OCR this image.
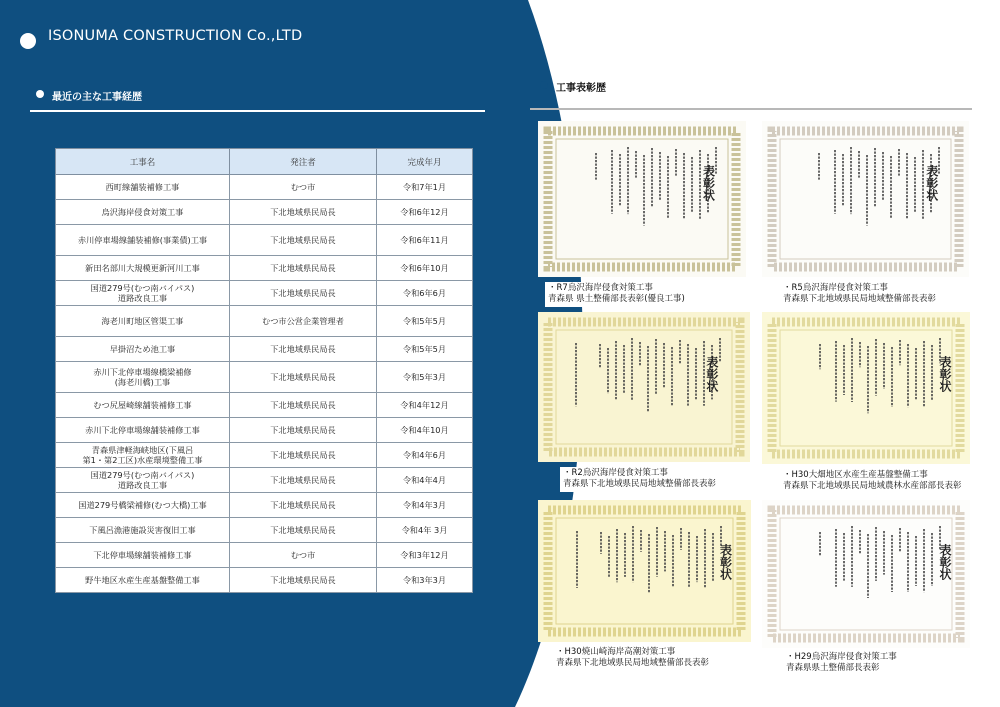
ISONUMA CONSTRUCTION Co.,LTD
最近の主な工事経歴
工事表彰歴
工事名	発注者	完成年月
西町線舗装補修工事	むつ市	令和7年1月
烏沢海岸侵食対策工事	下北地域県民局長	令和6年12月
赤川停車場線舗装補修(事業債)工事	下北地域県民局長	令和6年11月
新田名部川大規模更新河川工事	下北地域県民局長	令和6年10月
国道279号(むつ南バイパス)
道路改良工事	下北地域県民局長	令和6年6月
海老川町地区管渠工事	むつ市公営企業管理者	令和5年5月
早掛沼ため池工事	下北地域県民局長	令和5年5月
赤川下北停車場線橋梁補修
(海老川橋)工事	下北地域県民局長	令和5年3月
むつ尻屋崎線舗装補修工事	下北地域県民局長	令和4年12月
赤川下北停車場線舗装補修工事	下北地域県民局長	令和4年10月
青森県津軽海峡地区(下風呂
第1・第2工区)水産環境整備工事	下北地域県民局長	令和4年6月
国道279号(むつ南バイパス)
道路改良工事	下北地域県民局長	令和4年4月
国道279号橋梁補修(むつ大橋)工事	下北地域県民局長	令和4年3月
下風呂漁港施設災害復旧工事	下北地域県民局長	令和4年 3月
下北停車場線舗装補修工事	むつ市	令和3年12月
野牛地区水産生産基盤整備工事	下北地域県民局長	令和3年3月
表彰状
・R7烏沢海岸侵食対策工事
青森県 県土整備部長表彰(優良工事)
表彰状
・R5烏沢海岸侵食対策工事
青森県下北地域県民局地域整備部長表彰
表彰状
・R2烏沢海岸侵食対策工事
青森県下北地域県民局地域整備部長表彰
表彰状
・H30大畑地区水産生産基盤整備工事
青森県下北地域県民局地域農林水産部部長表彰
表彰状
・H30焼山崎海岸高潮対策工事
青森県下北地域県民局地域整備部長表彰
表彰状
・H29烏沢海岸侵食対策工事
青森県県土整備部長表彰
